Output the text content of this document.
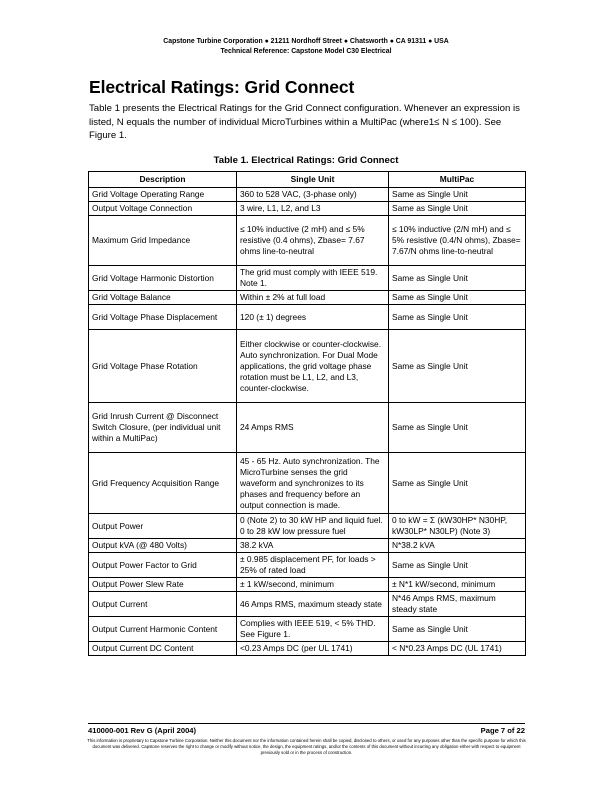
Capstone Turbine Corporation ● 21211 Nordhoff Street ● Chatsworth ● CA 91311 ● USA
Technical Reference: Capstone Model C30 Electrical
Electrical Ratings: Grid Connect

Table 1 presents the Electrical Ratings for the Grid Connect configuration. Whenever an expression is listed, N equals the number of individual MicroTurbines within a MultiPac (where1≤ N ≤ 100). See Figure 1.

Table 1. Electrical Ratings: Grid Connect
Description	Single Unit	MultiPac
Grid Voltage Operating Range	360 to 528 VAC, (3-phase only)	Same as Single Unit
Output Voltage Connection	3 wire, L1, L2, and L3	Same as Single Unit
Maximum Grid Impedance	≤ 10% inductive (2 mH) and ≤ 5% resistive (0.4 ohms), Zbase= 7.67 ohms line-to-neutral	≤ 10% inductive (2/N mH) and ≤ 5% resistive (0.4/N ohms), Zbase= 7.67/N ohms line-to-neutral
Grid Voltage Harmonic Distortion	The grid must comply with IEEE 519. Note 1.	Same as Single Unit
Grid Voltage Balance	Within ± 2% at full load	Same as Single Unit
Grid Voltage Phase Displacement	120 (± 1) degrees	Same as Single Unit
Grid Voltage Phase Rotation	Either clockwise or counter-clockwise. Auto synchronization. For Dual Mode applications, the grid voltage phase rotation must be L1, L2, and L3, counter-clockwise.	Same as Single Unit
Grid Inrush Current @ Disconnect Switch Closure, (per individual unit within a MultiPac)	24 Amps RMS	Same as Single Unit
Grid Frequency Acquisition Range	45 - 65 Hz. Auto synchronization. The MicroTurbine senses the grid waveform and synchronizes to its phases and frequency before an output connection is made.	Same as Single Unit
Output Power	0 (Note 2) to 30 kW HP and liquid fuel. 0 to 28 kW low pressure fuel	0 to kW = Σ (kW30HP* N30HP, kW30LP* N30LP) (Note 3)
Output kVA (@ 480 Volts)	38.2 kVA	N*38.2 kVA
Output Power Factor to Grid	± 0.985 displacement PF, for loads > 25% of rated load	Same as Single Unit
Output Power Slew Rate	± 1 kW/second, minimum	± N*1 kW/second, minimum
Output Current	46 Amps RMS, maximum steady state	N*46 Amps RMS, maximum steady state
Output Current Harmonic Content	Complies with IEEE 519, < 5% THD. See Figure 1.	Same as Single Unit
Output Current DC Content	<0.23 Amps DC (per UL 1741)	< N*0.23 Amps DC (UL 1741)
410000-001 Rev G (April 2004)	Page 7 of 22
This information is proprietary to Capstone Turbine Corporation. Neither this document nor the information contained herein shall be copied, disclosed to others, or used for any purposes other than the specific purpose for which this document was delivered. Capstone reserves the right to change or modify without notice, the design, the equipment ratings, and/or the contents of this document without incurring any obligation either with respect to equipment previously sold or in the process of construction.
